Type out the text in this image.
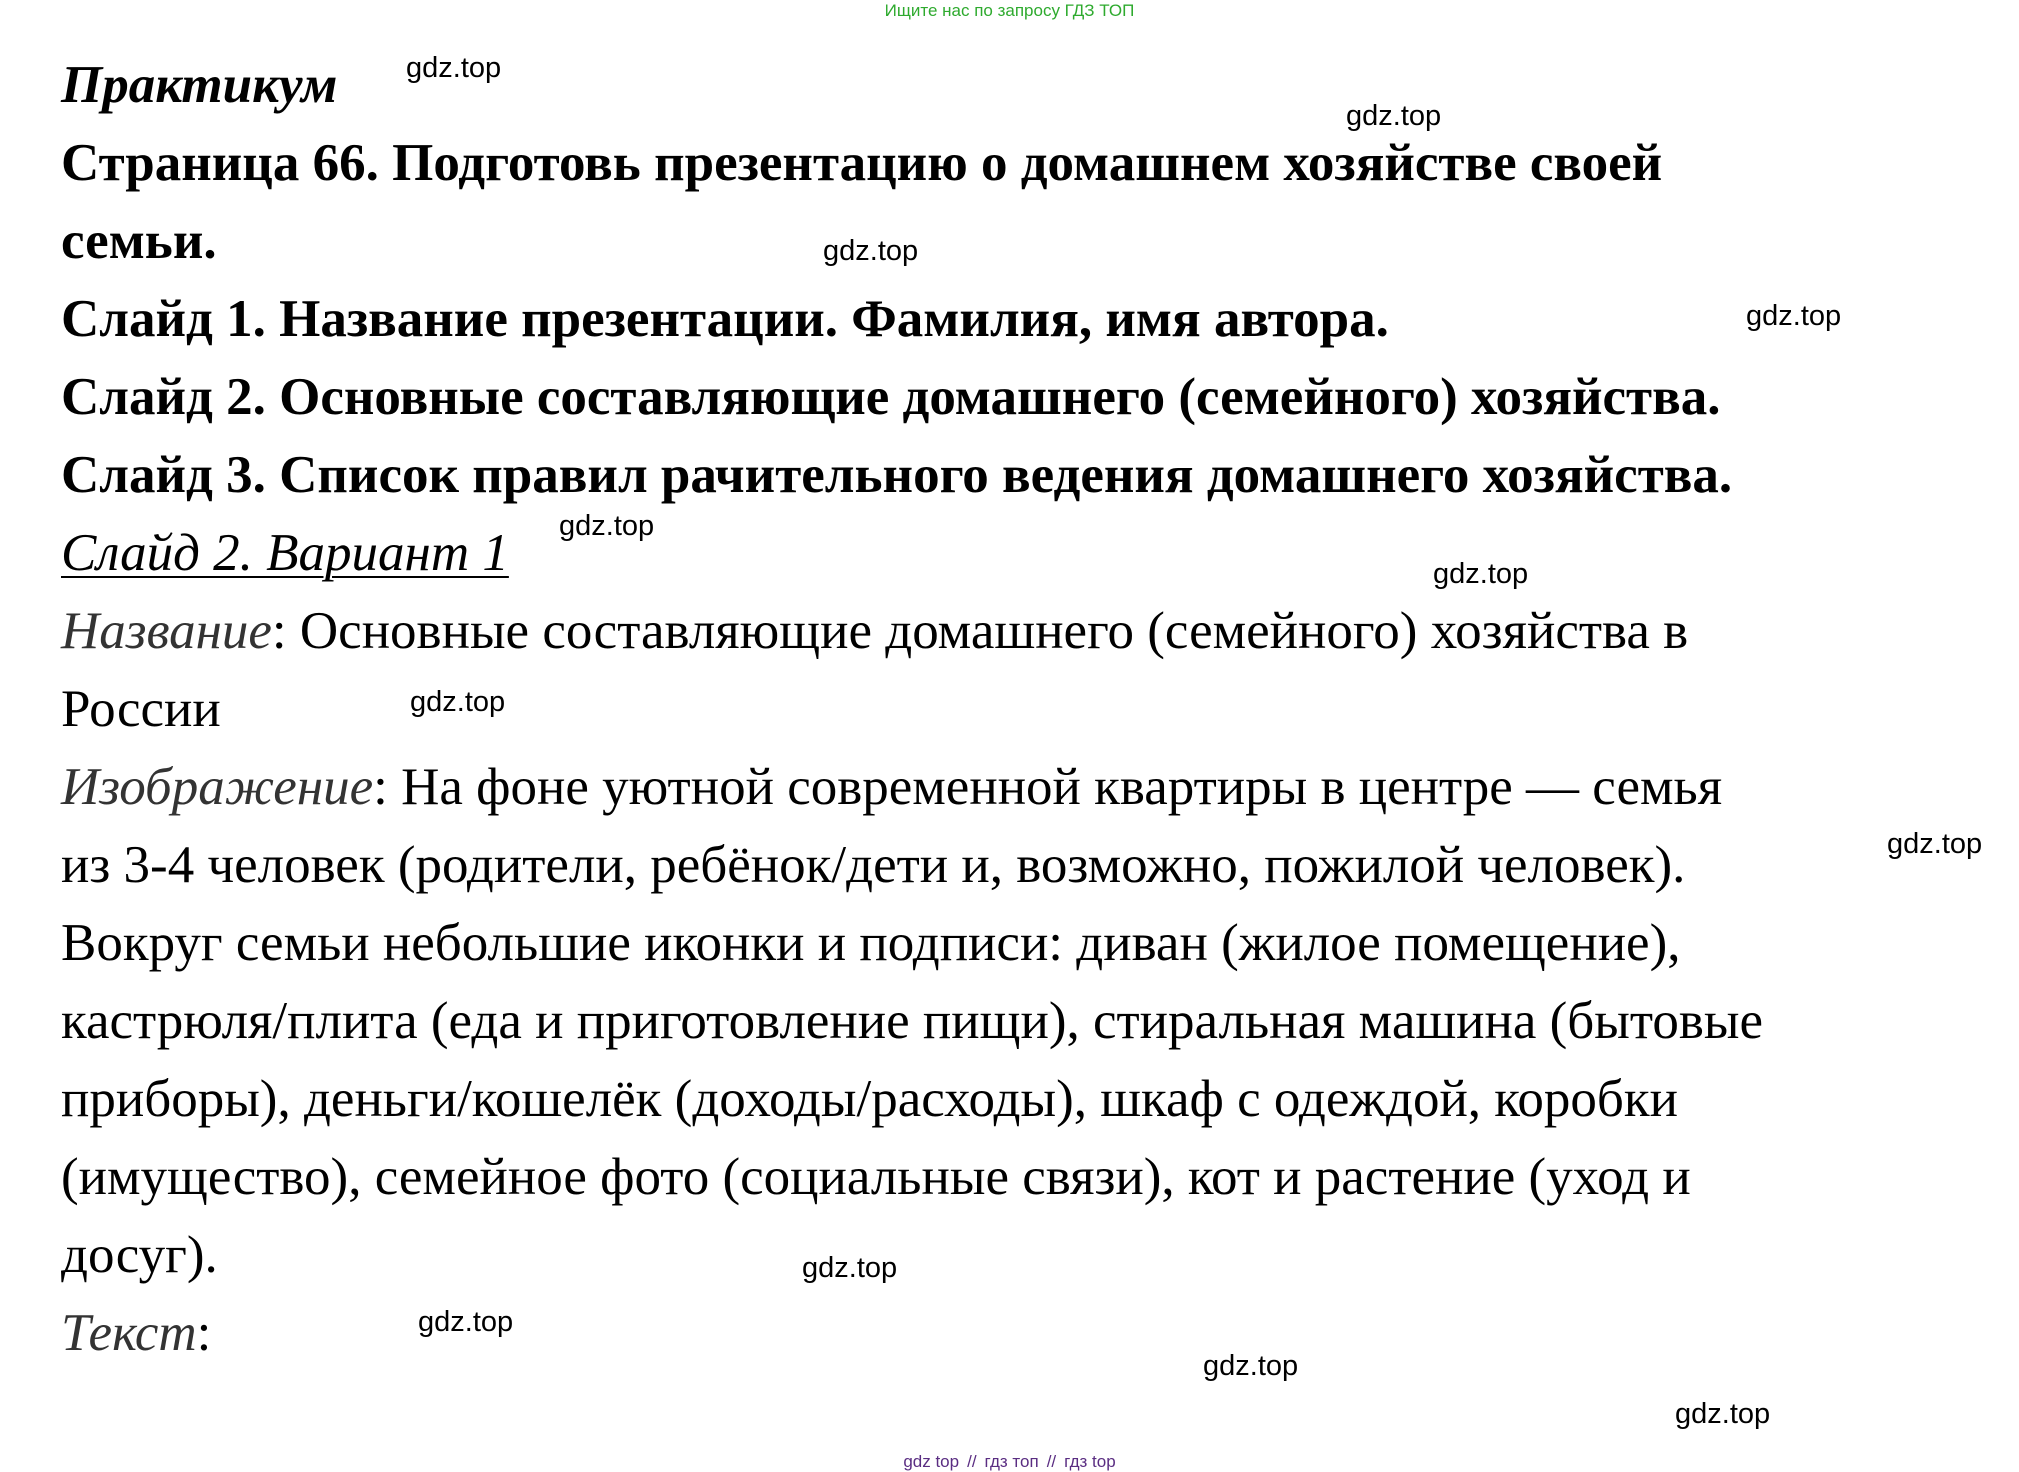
Ищите нас по запросу ГДЗ ТОП
Практикум
Страница 66. Подготовь презентацию о домашнем хозяйстве своей
семьи.
Слайд 1. Название презентации. Фамилия, имя автора.
Слайд 2. Основные составляющие домашнего (семейного) хозяйства.
Слайд 3. Список правил рачительного ведения домашнего хозяйства.
Слайд 2. Вариант 1
Название: Основные составляющие домашнего (семейного) хозяйства в
России
Изображение: На фоне уютной современной квартиры в центре — семья
из 3-4 человек (родители, ребёнок/дети и, возможно, пожилой человек).
Вокруг семьи небольшие иконки и подписи: диван (жилое помещение),
кастрюля/плита (еда и приготовление пищи), стиральная машина (бытовые
приборы), деньги/кошелёк (доходы/расходы), шкаф с одеждой, коробки
(имущество), семейное фото (социальные связи), кот и растение (уход и
досуг).
Текст:
gdz.top
gdz.top
gdz.top
gdz.top
gdz.top
gdz.top
gdz.top
gdz.top
gdz.top
gdz.top
gdz.top
gdz.top
gdz top // гдз топ // гдз top
